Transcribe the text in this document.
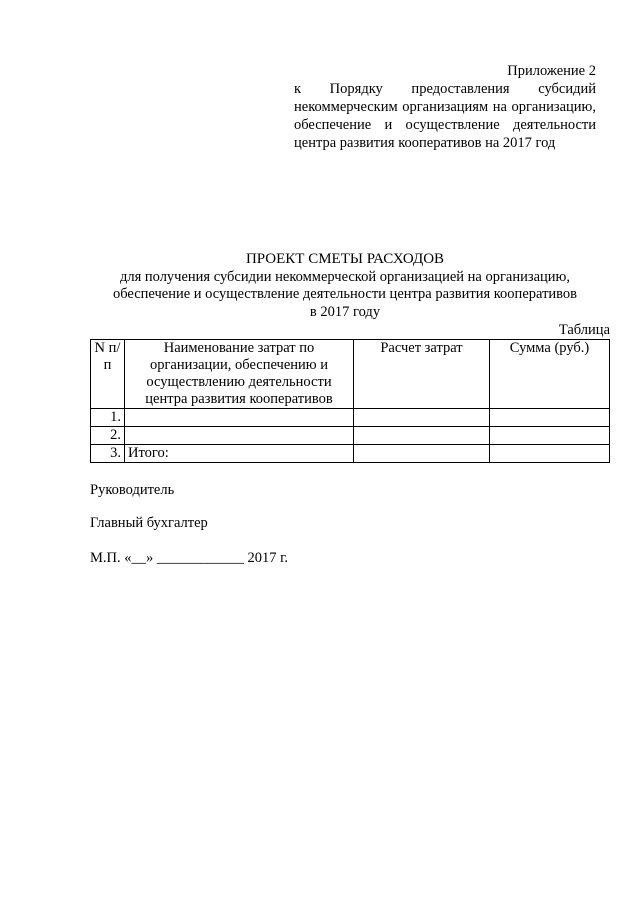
Приложение 2
к Порядку предоставления субсидий некоммерческим организациям на организацию, обеспечение и осуществление деятельности центра развития кооперативов на 2017 год
ПРОЕКТ СМЕТЫ РАСХОДОВ
для получения субсидии некоммерческой организацией на организацию,
обеспечение и осуществление деятельности центра развития кооперативов
в 2017 году
Таблица
N п/п	Наименование затрат по организации, обеспечению и осуществлению деятельности центра развития кооперативов	Расчет затрат	Сумма (руб.)
1.			
2.			
3.	Итого:		
Руководитель
Главный бухгалтер
М.П. «__» ____________ 2017 г.
